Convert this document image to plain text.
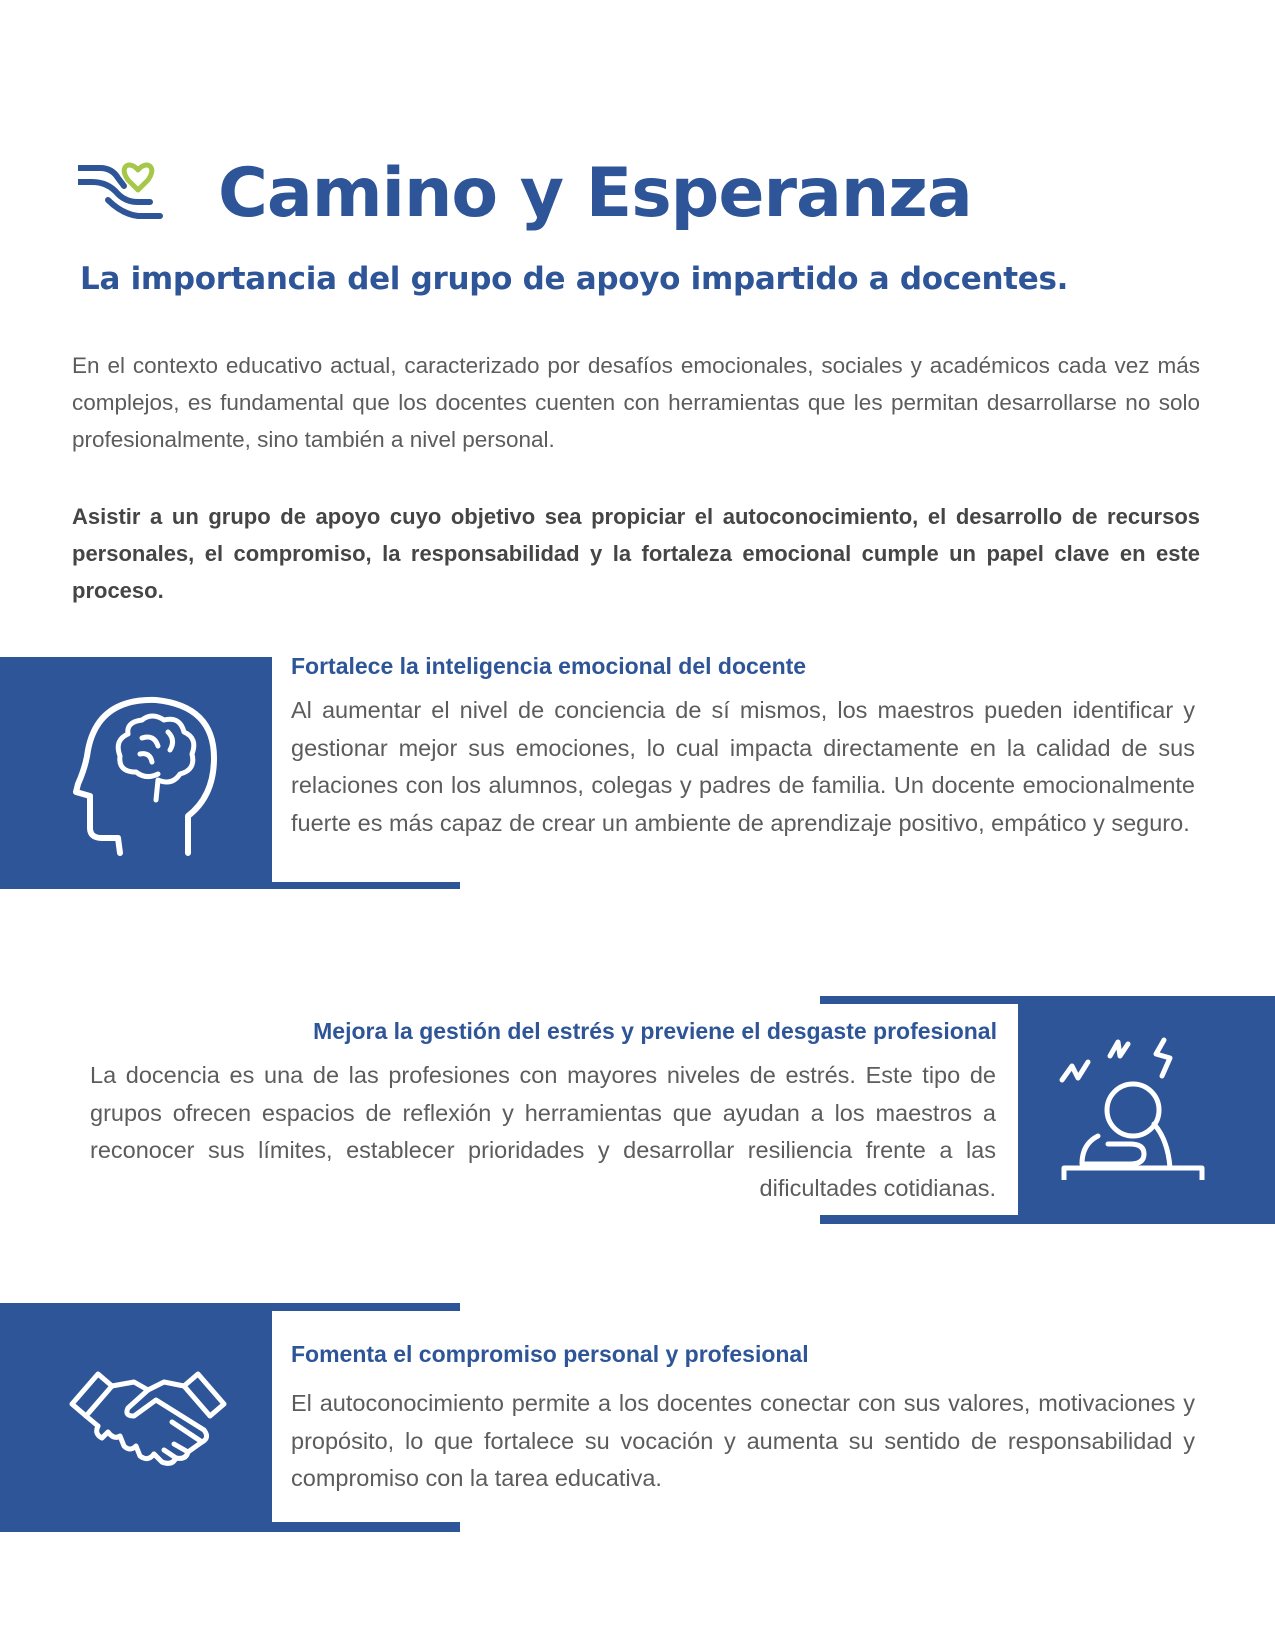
Camino y Esperanza
La importancia del grupo de apoyo impartido a docentes.

En el contexto educativo actual, caracterizado por desafíos emocionales, sociales y académicos cada vez más complejos, es fundamental que los docentes cuenten con herramientas que les permitan desarrollarse no solo profesionalmente, sino también a nivel personal.

Asistir a un grupo de apoyo cuyo objetivo sea propiciar el autoconocimiento, el desarrollo de recursos personales, el compromiso, la responsabilidad y la fortaleza emocional cumple un papel clave en este proceso.

Fortalece la inteligencia emocional del docente

Al aumentar el nivel de conciencia de sí mismos, los maestros pueden identificar y gestionar mejor sus emociones, lo cual impacta directamente en la calidad de sus relaciones con los alumnos, colegas y padres de familia. Un docente emocionalmente fuerte es más capaz de crear un ambiente de aprendizaje positivo, empático y seguro.

Mejora la gestión del estrés y previene el desgaste profesional

La docencia es una de las profesiones con mayores niveles de estrés. Este tipo de grupos ofrecen espacios de reflexión y herramientas que ayudan a los maestros a reconocer sus límites, establecer prioridades y desarrollar resiliencia frente a las dificultades cotidianas.

Fomenta el compromiso personal y profesional

El autoconocimiento permite a los docentes conectar con sus valores, motivaciones y propósito, lo que fortalece su vocación y aumenta su sentido de responsabilidad y compromiso con la tarea educativa.
